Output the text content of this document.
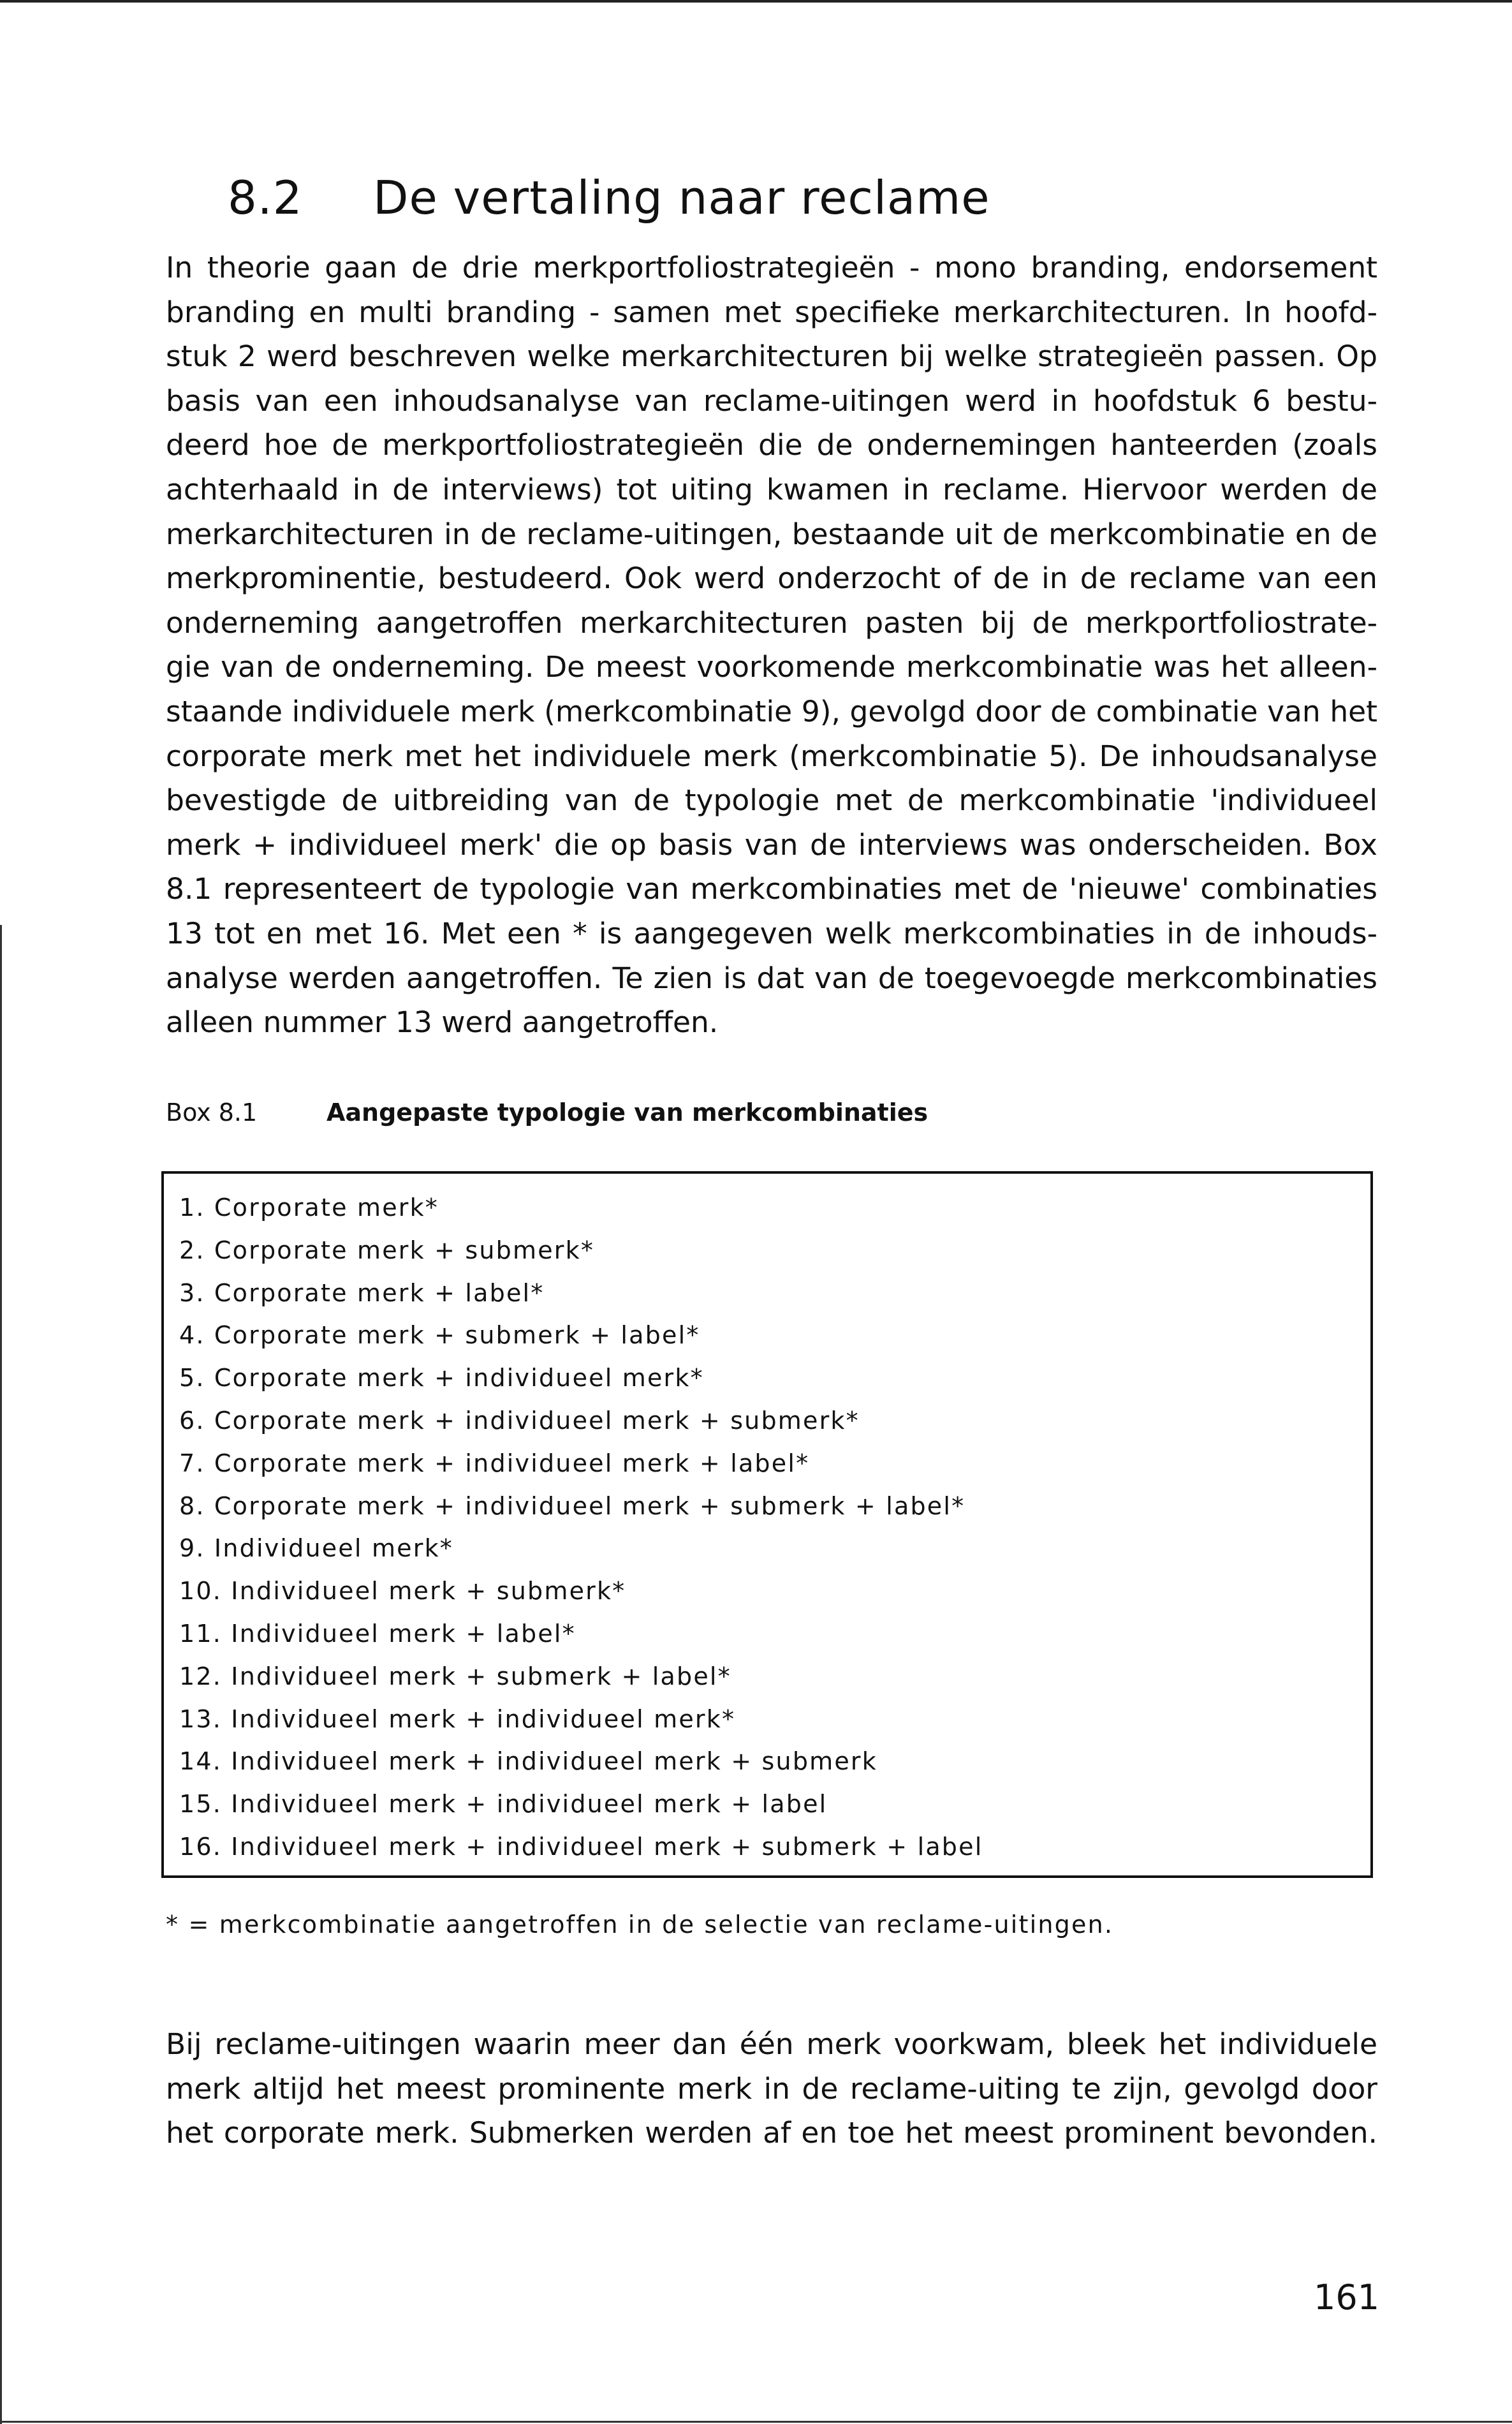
8.2 De vertaling naar reclame

In theorie gaan de drie merkportfoliostrategieën - mono branding, endorsement
branding en multi branding - samen met specifieke merkarchitecturen. In hoofd-
stuk 2 werd beschreven welke merkarchitecturen bij welke strategieën passen. Op
basis van een inhoudsanalyse van reclame-uitingen werd in hoofdstuk 6 bestu-
deerd hoe de merkportfoliostrategieën die de ondernemingen hanteerden (zoals
achterhaald in de interviews) tot uiting kwamen in reclame. Hiervoor werden de
merkarchitecturen in de reclame-uitingen, bestaande uit de merkcombinatie en de
merkprominentie, bestudeerd. Ook werd onderzocht of de in de reclame van een
onderneming aangetroffen merkarchitecturen pasten bij de merkportfoliostrate-
gie van de onderneming. De meest voorkomende merkcombinatie was het alleen-
staande individuele merk (merkcombinatie 9), gevolgd door de combinatie van het
corporate merk met het individuele merk (merkcombinatie 5). De inhoudsanalyse
bevestigde de uitbreiding van de typologie met de merkcombinatie 'individueel
merk + individueel merk' die op basis van de interviews was onderscheiden. Box
8.1 representeert de typologie van merkcombinaties met de 'nieuwe' combinaties
13 tot en met 16. Met een * is aangegeven welk merkcombinaties in de inhouds-
analyse werden aangetroffen. Te zien is dat van de toegevoegde merkcombinaties
alleen nummer 13 werd aangetroffen.

Box 8.1	Aangepaste typologie van merkcombinaties
1. Corporate merk*
2. Corporate merk + submerk*
3. Corporate merk + label*
4. Corporate merk + submerk + label*
5. Corporate merk + individueel merk*
6. Corporate merk + individueel merk + submerk*
7. Corporate merk + individueel merk + label*
8. Corporate merk + individueel merk + submerk + label*
9. Individueel merk*
10. Individueel merk + submerk*
11. Individueel merk + label*
12. Individueel merk + submerk + label*
13. Individueel merk + individueel merk*
14. Individueel merk + individueel merk + submerk
15. Individueel merk + individueel merk + label
16. Individueel merk + individueel merk + submerk + label
* = merkcombinatie aangetroffen in de selectie van reclame-uitingen.

Bij reclame-uitingen waarin meer dan één merk voorkwam, bleek het individuele
merk altijd het meest prominente merk in de reclame-uiting te zijn, gevolgd door
het corporate merk. Submerken werden af en toe het meest prominent bevonden.

161
